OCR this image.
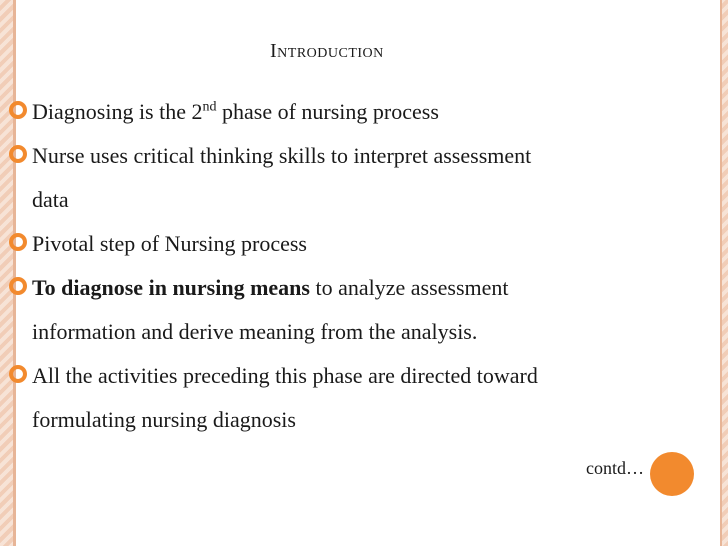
Introduction
Diagnosing is the 2nd phase of nursing process
Nurse uses critical thinking skills to interpret assessment
data
Pivotal step of Nursing process
To diagnose in nursing means to analyze assessment
information and derive meaning from the analysis.
All the activities preceding this phase are directed toward
formulating nursing diagnosis
contd…
